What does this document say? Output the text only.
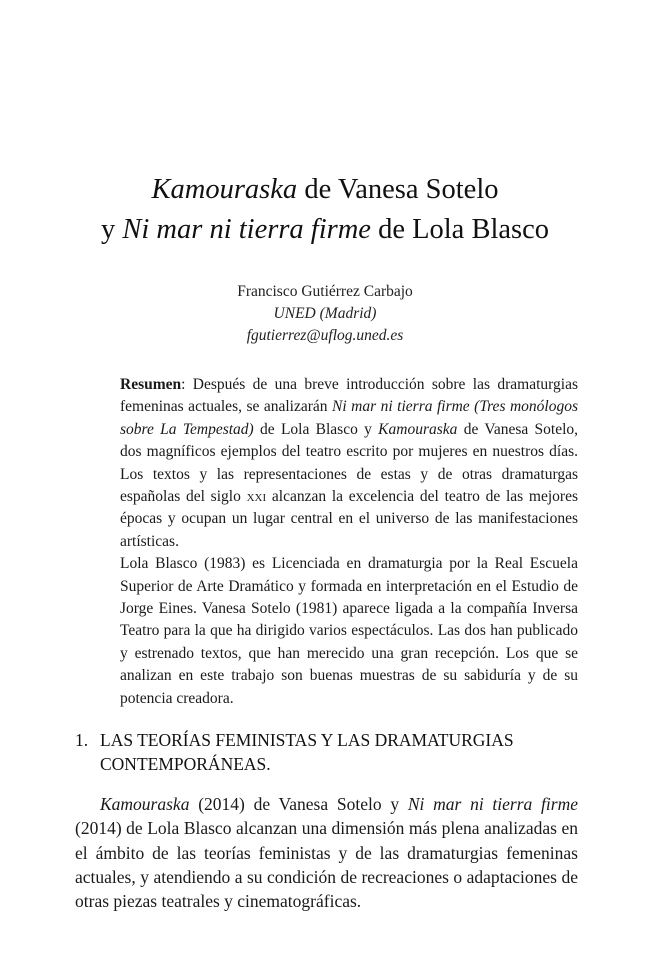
Kamouraska de Vanesa Sotelo
y Ni mar ni tierra firme de Lola Blasco
Francisco Gutiérrez Carbajo
UNED (Madrid)
fgutierrez@uflog.uned.es

Resumen: Después de una breve introducción sobre las dramaturgias femeninas actuales, se analizarán Ni mar ni tierra firme (Tres monólogos sobre La Tempestad) de Lola Blasco y Kamouraska de Vanesa Sotelo, dos magníficos ejemplos del teatro escrito por mujeres en nuestros días. Los textos y las representaciones de estas y de otras dramaturgas españolas del siglo xxi alcanzan la excelencia del teatro de las mejores épocas y ocupan un lugar central en el universo de las manifestaciones artísticas.

Lola Blasco (1983) es Licenciada en dramaturgia por la Real Escuela Superior de Arte Dramático y formada en interpretación en el Estudio de Jorge Eines. Vanesa Sotelo (1981) aparece ligada a la compañía Inversa Teatro para la que ha dirigido varios espectáculos. Las dos han publicado y estrenado textos, que han merecido una gran recepción. Los que se analizan en este trabajo son buenas muestras de su sabiduría y de su potencia creadora.

1. LAS TEORÍAS FEMINISTAS Y LAS DRAMATURGIAS CONTEMPORÁNEAS.

Kamouraska (2014) de Vanesa Sotelo y Ni mar ni tierra firme (2014) de Lola Blasco alcanzan una dimensión más plena analizadas en el ámbito de las teorías feministas y de las dramaturgias femeninas actuales, y atendiendo a su condición de recreaciones o adaptaciones de otras piezas teatrales y cinematográficas.
